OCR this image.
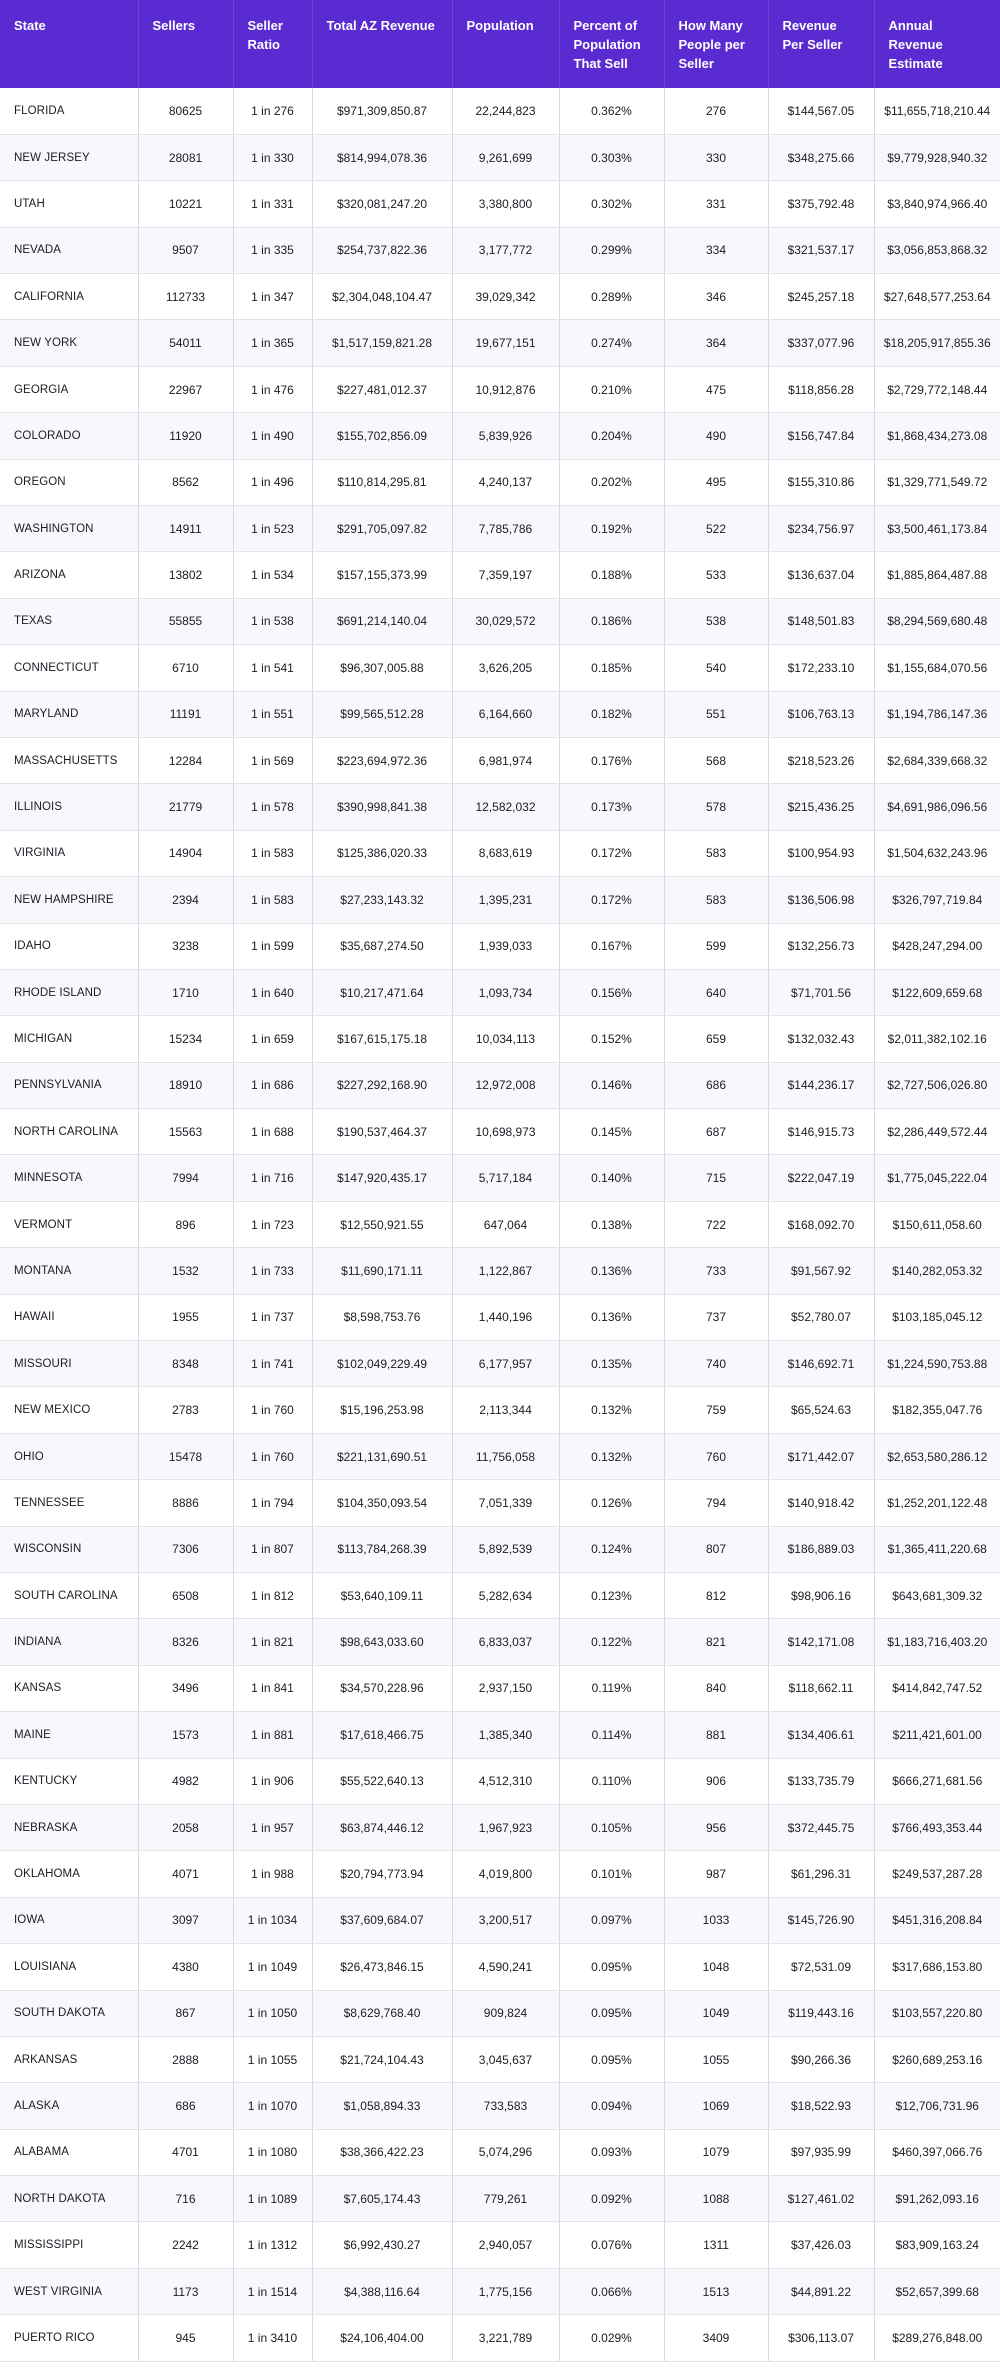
State	Sellers	Seller Ratio	Total AZ Revenue	Population	Percent of Population That Sell	How Many People per Seller	Revenue Per Seller	Annual Revenue Estimate
FLORIDA	80625	1 in 276	$971,309,850.87	22,244,823	0.362%	276	$144,567.05	$11,655,718,210.44
NEW JERSEY	28081	1 in 330	$814,994,078.36	9,261,699	0.303%	330	$348,275.66	$9,779,928,940.32
UTAH	10221	1 in 331	$320,081,247.20	3,380,800	0.302%	331	$375,792.48	$3,840,974,966.40
NEVADA	9507	1 in 335	$254,737,822.36	3,177,772	0.299%	334	$321,537.17	$3,056,853,868.32
CALIFORNIA	112733	1 in 347	$2,304,048,104.47	39,029,342	0.289%	346	$245,257.18	$27,648,577,253.64
NEW YORK	54011	1 in 365	$1,517,159,821.28	19,677,151	0.274%	364	$337,077.96	$18,205,917,855.36
GEORGIA	22967	1 in 476	$227,481,012.37	10,912,876	0.210%	475	$118,856.28	$2,729,772,148.44
COLORADO	11920	1 in 490	$155,702,856.09	5,839,926	0.204%	490	$156,747.84	$1,868,434,273.08
OREGON	8562	1 in 496	$110,814,295.81	4,240,137	0.202%	495	$155,310.86	$1,329,771,549.72
WASHINGTON	14911	1 in 523	$291,705,097.82	7,785,786	0.192%	522	$234,756.97	$3,500,461,173.84
ARIZONA	13802	1 in 534	$157,155,373.99	7,359,197	0.188%	533	$136,637.04	$1,885,864,487.88
TEXAS	55855	1 in 538	$691,214,140.04	30,029,572	0.186%	538	$148,501.83	$8,294,569,680.48
CONNECTICUT	6710	1 in 541	$96,307,005.88	3,626,205	0.185%	540	$172,233.10	$1,155,684,070.56
MARYLAND	11191	1 in 551	$99,565,512.28	6,164,660	0.182%	551	$106,763.13	$1,194,786,147.36
MASSACHUSETTS	12284	1 in 569	$223,694,972.36	6,981,974	0.176%	568	$218,523.26	$2,684,339,668.32
ILLINOIS	21779	1 in 578	$390,998,841.38	12,582,032	0.173%	578	$215,436.25	$4,691,986,096.56
VIRGINIA	14904	1 in 583	$125,386,020.33	8,683,619	0.172%	583	$100,954.93	$1,504,632,243.96
NEW HAMPSHIRE	2394	1 in 583	$27,233,143.32	1,395,231	0.172%	583	$136,506.98	$326,797,719.84
IDAHO	3238	1 in 599	$35,687,274.50	1,939,033	0.167%	599	$132,256.73	$428,247,294.00
RHODE ISLAND	1710	1 in 640	$10,217,471.64	1,093,734	0.156%	640	$71,701.56	$122,609,659.68
MICHIGAN	15234	1 in 659	$167,615,175.18	10,034,113	0.152%	659	$132,032.43	$2,011,382,102.16
PENNSYLVANIA	18910	1 in 686	$227,292,168.90	12,972,008	0.146%	686	$144,236.17	$2,727,506,026.80
NORTH CAROLINA	15563	1 in 688	$190,537,464.37	10,698,973	0.145%	687	$146,915.73	$2,286,449,572.44
MINNESOTA	7994	1 in 716	$147,920,435.17	5,717,184	0.140%	715	$222,047.19	$1,775,045,222.04
VERMONT	896	1 in 723	$12,550,921.55	647,064	0.138%	722	$168,092.70	$150,611,058.60
MONTANA	1532	1 in 733	$11,690,171.11	1,122,867	0.136%	733	$91,567.92	$140,282,053.32
HAWAII	1955	1 in 737	$8,598,753.76	1,440,196	0.136%	737	$52,780.07	$103,185,045.12
MISSOURI	8348	1 in 741	$102,049,229.49	6,177,957	0.135%	740	$146,692.71	$1,224,590,753.88
NEW MEXICO	2783	1 in 760	$15,196,253.98	2,113,344	0.132%	759	$65,524.63	$182,355,047.76
OHIO	15478	1 in 760	$221,131,690.51	11,756,058	0.132%	760	$171,442.07	$2,653,580,286.12
TENNESSEE	8886	1 in 794	$104,350,093.54	7,051,339	0.126%	794	$140,918.42	$1,252,201,122.48
WISCONSIN	7306	1 in 807	$113,784,268.39	5,892,539	0.124%	807	$186,889.03	$1,365,411,220.68
SOUTH CAROLINA	6508	1 in 812	$53,640,109.11	5,282,634	0.123%	812	$98,906.16	$643,681,309.32
INDIANA	8326	1 in 821	$98,643,033.60	6,833,037	0.122%	821	$142,171.08	$1,183,716,403.20
KANSAS	3496	1 in 841	$34,570,228.96	2,937,150	0.119%	840	$118,662.11	$414,842,747.52
MAINE	1573	1 in 881	$17,618,466.75	1,385,340	0.114%	881	$134,406.61	$211,421,601.00
KENTUCKY	4982	1 in 906	$55,522,640.13	4,512,310	0.110%	906	$133,735.79	$666,271,681.56
NEBRASKA	2058	1 in 957	$63,874,446.12	1,967,923	0.105%	956	$372,445.75	$766,493,353.44
OKLAHOMA	4071	1 in 988	$20,794,773.94	4,019,800	0.101%	987	$61,296.31	$249,537,287.28
IOWA	3097	1 in 1034	$37,609,684.07	3,200,517	0.097%	1033	$145,726.90	$451,316,208.84
LOUISIANA	4380	1 in 1049	$26,473,846.15	4,590,241	0.095%	1048	$72,531.09	$317,686,153.80
SOUTH DAKOTA	867	1 in 1050	$8,629,768.40	909,824	0.095%	1049	$119,443.16	$103,557,220.80
ARKANSAS	2888	1 in 1055	$21,724,104.43	3,045,637	0.095%	1055	$90,266.36	$260,689,253.16
ALASKA	686	1 in 1070	$1,058,894.33	733,583	0.094%	1069	$18,522.93	$12,706,731.96
ALABAMA	4701	1 in 1080	$38,366,422.23	5,074,296	0.093%	1079	$97,935.99	$460,397,066.76
NORTH DAKOTA	716	1 in 1089	$7,605,174.43	779,261	0.092%	1088	$127,461.02	$91,262,093.16
MISSISSIPPI	2242	1 in 1312	$6,992,430.27	2,940,057	0.076%	1311	$37,426.03	$83,909,163.24
WEST VIRGINIA	1173	1 in 1514	$4,388,116.64	1,775,156	0.066%	1513	$44,891.22	$52,657,399.68
PUERTO RICO	945	1 in 3410	$24,106,404.00	3,221,789	0.029%	3409	$306,113.07	$289,276,848.00
